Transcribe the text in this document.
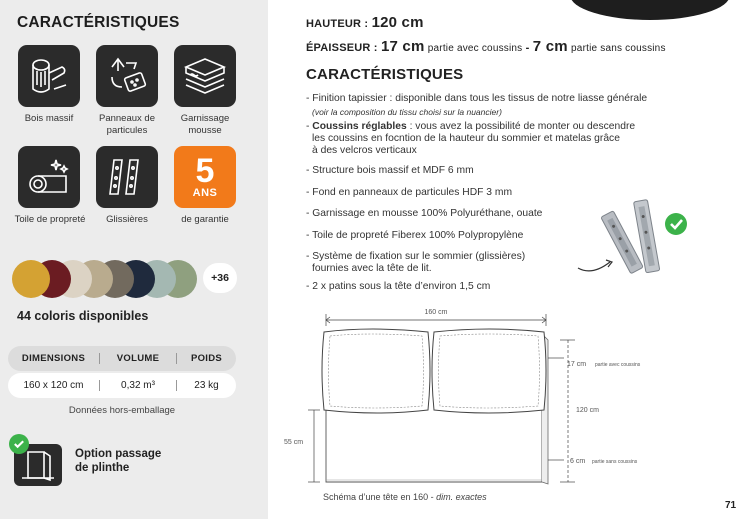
CARACTÉRISTIQUES
Bois massif	Panneaux de particules
Garnissage mousse
5
ANS
Toile de propreté	Glissières	de garantie
+36
44 coloris disponibles
DIMENSIONS	VOLUME	POIDS
160 x 120 cm	0,32 m³	23 kg
Données hors-emballage
Option passage
de plinthe
HAUTEUR : 120 cm
ÉPAISSEUR : 17 cm partie avec coussins - 7 cm partie sans coussins
CARACTÉRISTIQUES
- Finition tapissier : disponible dans tous les tissus de notre liasse générale
(voir la composition du tissu choisi sur la nuancier)
- Coussins réglables : vous avez la possibilité de monter ou descendre
les coussins en focntion de la hauteur du sommier et matelas grâce
à des velcros verticaux
- Structure bois massif et MDF 6 mm
- Fond en panneaux de particules HDF 3 mm
- Garnissage en mousse 100% Polyuréthane, ouate
- Toile de propreté Fiberex 100% Polypropylène
- Système de fixation sur le sommier (glissières)
fournies avec la tête de lit.
- 2 x patins sous la tête d’environ 1,5 cm
160 cm
120 cm
17 cm partie avec coussins
6 cm partie sans coussins
55 cm
Schéma d’une tête en 160 - dim. exactes
71
